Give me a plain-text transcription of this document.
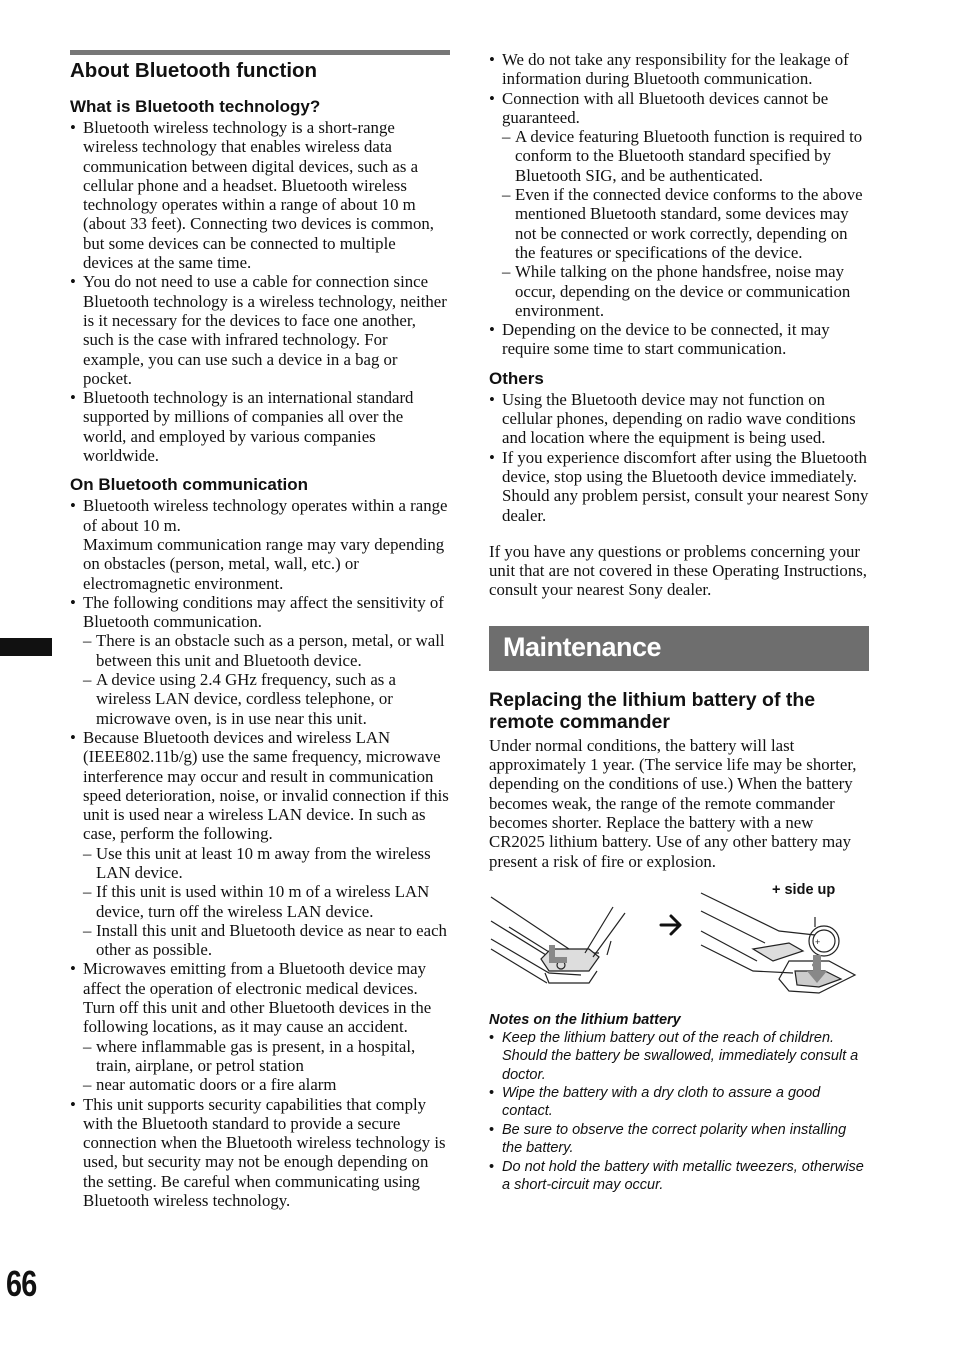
66
About Bluetooth function
What is Bluetooth technology?
• Bluetooth wireless technology is a short-range wireless technology that enables wireless data communication between digital devices, such as a cellular phone and a headset. Bluetooth wireless technology operates within a range of about 10 m (about 33 feet). Connecting two devices is common, but some devices can be connected to multiple devices at the same time.
• You do not need to use a cable for connection since Bluetooth technology is a wireless technology, neither is it necessary for the devices to face one another, such is the case with infrared technology. For example, you can use such a device in a bag or pocket.
• Bluetooth technology is an international standard supported by millions of companies all over the world, and employed by various companies worldwide.
On Bluetooth communication
• Bluetooth wireless technology operates within a range of about 10 m.
Maximum communication range may vary depending on obstacles (person, metal, wall, etc.) or electromagnetic environment.
• The following conditions may affect the sensitivity of Bluetooth communication.
– There is an obstacle such as a person, metal, or wall between this unit and Bluetooth device.
– A device using 2.4 GHz frequency, such as a wireless LAN device, cordless telephone, or microwave oven, is in use near this unit.
• Because Bluetooth devices and wireless LAN (IEEE802.11b/g) use the same frequency, microwave interference may occur and result in communication speed deterioration, noise, or invalid connection if this unit is used near a wireless LAN device. In such as case, perform the following.
– Use this unit at least 10 m away from the wireless LAN device.
– If this unit is used within 10 m of a wireless LAN device, turn off the wireless LAN device.
– Install this unit and Bluetooth device as near to each other as possible.
• Microwaves emitting from a Bluetooth device may affect the operation of electronic medical devices. Turn off this unit and other Bluetooth devices in the following locations, as it may cause an accident.
– where inflammable gas is present, in a hospital, train, airplane, or petrol station
– near automatic doors or a fire alarm
• This unit supports security capabilities that comply with the Bluetooth standard to provide a secure connection when the Bluetooth wireless technology is used, but security may not be enough depending on the setting. Be careful when communicating using Bluetooth wireless technology.
• We do not take any responsibility for the leakage of information during Bluetooth communication.
• Connection with all Bluetooth devices cannot be guaranteed.
– A device featuring Bluetooth function is required to conform to the Bluetooth standard specified by Bluetooth SIG, and be authenticated.
– Even if the connected device conforms to the above mentioned Bluetooth standard, some devices may not be connected or work correctly, depending on the features or specifications of the device.
– While talking on the phone handsfree, noise may occur, depending on the device or communication environment.
• Depending on the device to be connected, it may require some time to start communication.
Others
• Using the Bluetooth device may not function on cellular phones, depending on radio wave conditions and location where the equipment is being used.
• If you experience discomfort after using the Bluetooth device, stop using the Bluetooth device immediately. Should any problem persist, consult your nearest Sony dealer.

If you have any questions or problems concerning your unit that are not covered in these Operating Instructions, consult your nearest Sony dealer.

Maintenance
Replacing the lithium battery of the remote commander

Under normal conditions, the battery will last approximately 1 year. (The service life may be shorter, depending on the conditions of use.) When the battery becomes weak, the range of the remote commander becomes shorter. Replace the battery with a new CR2025 lithium battery. Use of any other battery may present a risk of fire or explosion.

+
+ side up
Notes on the lithium battery
• Keep the lithium battery out of the reach of children. Should the battery be swallowed, immediately consult a doctor.
• Wipe the battery with a dry cloth to assure a good contact.
• Be sure to observe the correct polarity when installing the battery.
• Do not hold the battery with metallic tweezers, otherwise a short-circuit may occur.
